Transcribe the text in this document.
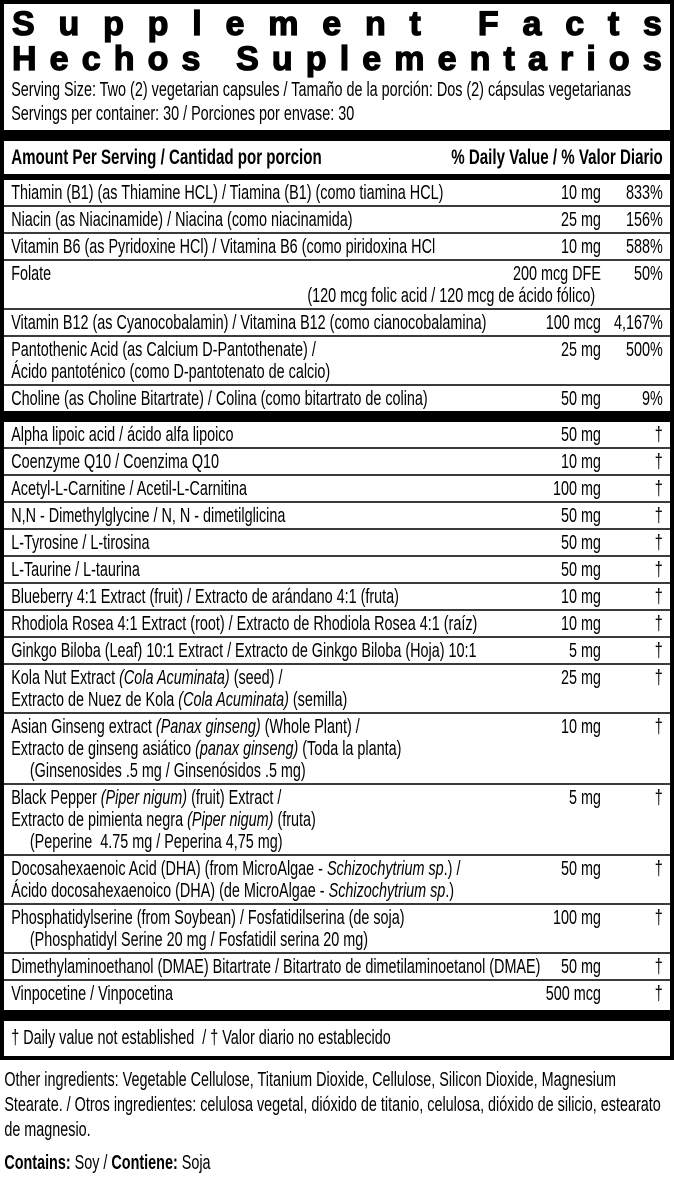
S u p p l e m e n t
F a c t s
H e c h o s
S u p l e m e n t a r i o s

Serving Size: Two (2) vegetarian capsules / Tamaño de la porción: Dos (2) cápsulas vegetarianas

Servings per container: 30 / Porciones por envase: 30

Amount Per Serving / Cantidad por porcion	% Daily Value / % Valor Diario
Thiamin (B1) (as Thiamine HCL) / Tiamina (B1) (como tiamina HCL)	10 mg	833%
Niacin (as Niacinamide) / Niacina (como niacinamida)	25 mg	156%
Vitamin B6 (as Pyridoxine HCl) / Vitamina B6 (como piridoxina HCl	10 mg	588%
Folate	200 mcg DFE	50%
(120 mcg folic acid / 120 mcg de ácido fólico)
Vitamin B12 (as Cyanocobalamin) / Vitamina B12 (como cianocobalamina)	100 mcg 4,167%
Pantothenic Acid (as Calcium D-Pantothenate) /	25 mg	500%
Ácido pantoténico (como D-pantotenato de calcio)
Choline (as Choline Bitartrate) / Colina (como bitartrato de colina)	50 mg	9%
Alpha lipoic acid / ácido alfa lipoico	50 mg	†
Coenzyme Q10 / Coenzima Q10	10 mg	†
Acetyl-L-Carnitine / Acetil-L-Carnitina	100 mg	†
N,N - Dimethylglycine / N, N - dimetilglicina	50 mg	†
L-Tyrosine / L-tirosina	50 mg	†
L-Taurine / L-taurina	50 mg	†
Blueberry 4:1 Extract (fruit) / Extracto de arándano 4:1 (fruta)	10 mg	†
Rhodiola Rosea 4:1 Extract (root) / Extracto de Rhodiola Rosea 4:1 (raíz)	10 mg	†
Ginkgo Biloba (Leaf) 10:1 Extract / Extracto de Ginkgo Biloba (Hoja) 10:1	5 mg	†
Kola Nut Extract (Cola Acuminata) (seed) /	25 mg	†
Extracto de Nuez de Kola (Cola Acuminata) (semilla)
Asian Ginseng extract (Panax ginseng) (Whole Plant) /	10 mg	†
Extracto de ginseng asiático (panax ginseng) (Toda la planta)
(Ginsenosides .5 mg / Ginsenósidos .5 mg)
Black Pepper (Piper nigum) (fruit) Extract /	5 mg	†
Extracto de pimienta negra (Piper nigum) (fruta)
(Peperine  4.75 mg / Peperina 4,75 mg)
Docosahexaenoic Acid (DHA) (from MicroAlgae - Schizochytrium sp.) /	50 mg	†
Ácido docosahexaenoico (DHA) (de MicroAlgae - Schizochytrium sp.)
Phosphatidylserine (from Soybean) / Fosfatidilserina (de soja)	100 mg	†
(Phosphatidyl Serine 20 mg / Fosfatidil serina 20 mg)
Dimethylaminoethanol (DMAE) Bitartrate / Bitartrato de dimetilaminoetanol (DMAE)	50 mg	†
Vinpocetine / Vinpocetina	500 mcg	†
† Daily value not established  / † Valor diario no establecido

Other ingredients: Vegetable Cellulose, Titanium Dioxide, Cellulose, Silicon Dioxide, Magnesium Stearate. / Otros ingredientes: celulosa vegetal, dióxido de titanio, celulosa, dióxido de silicio, estearato de magnesio.

Contains: Soy / Contiene: Soja
